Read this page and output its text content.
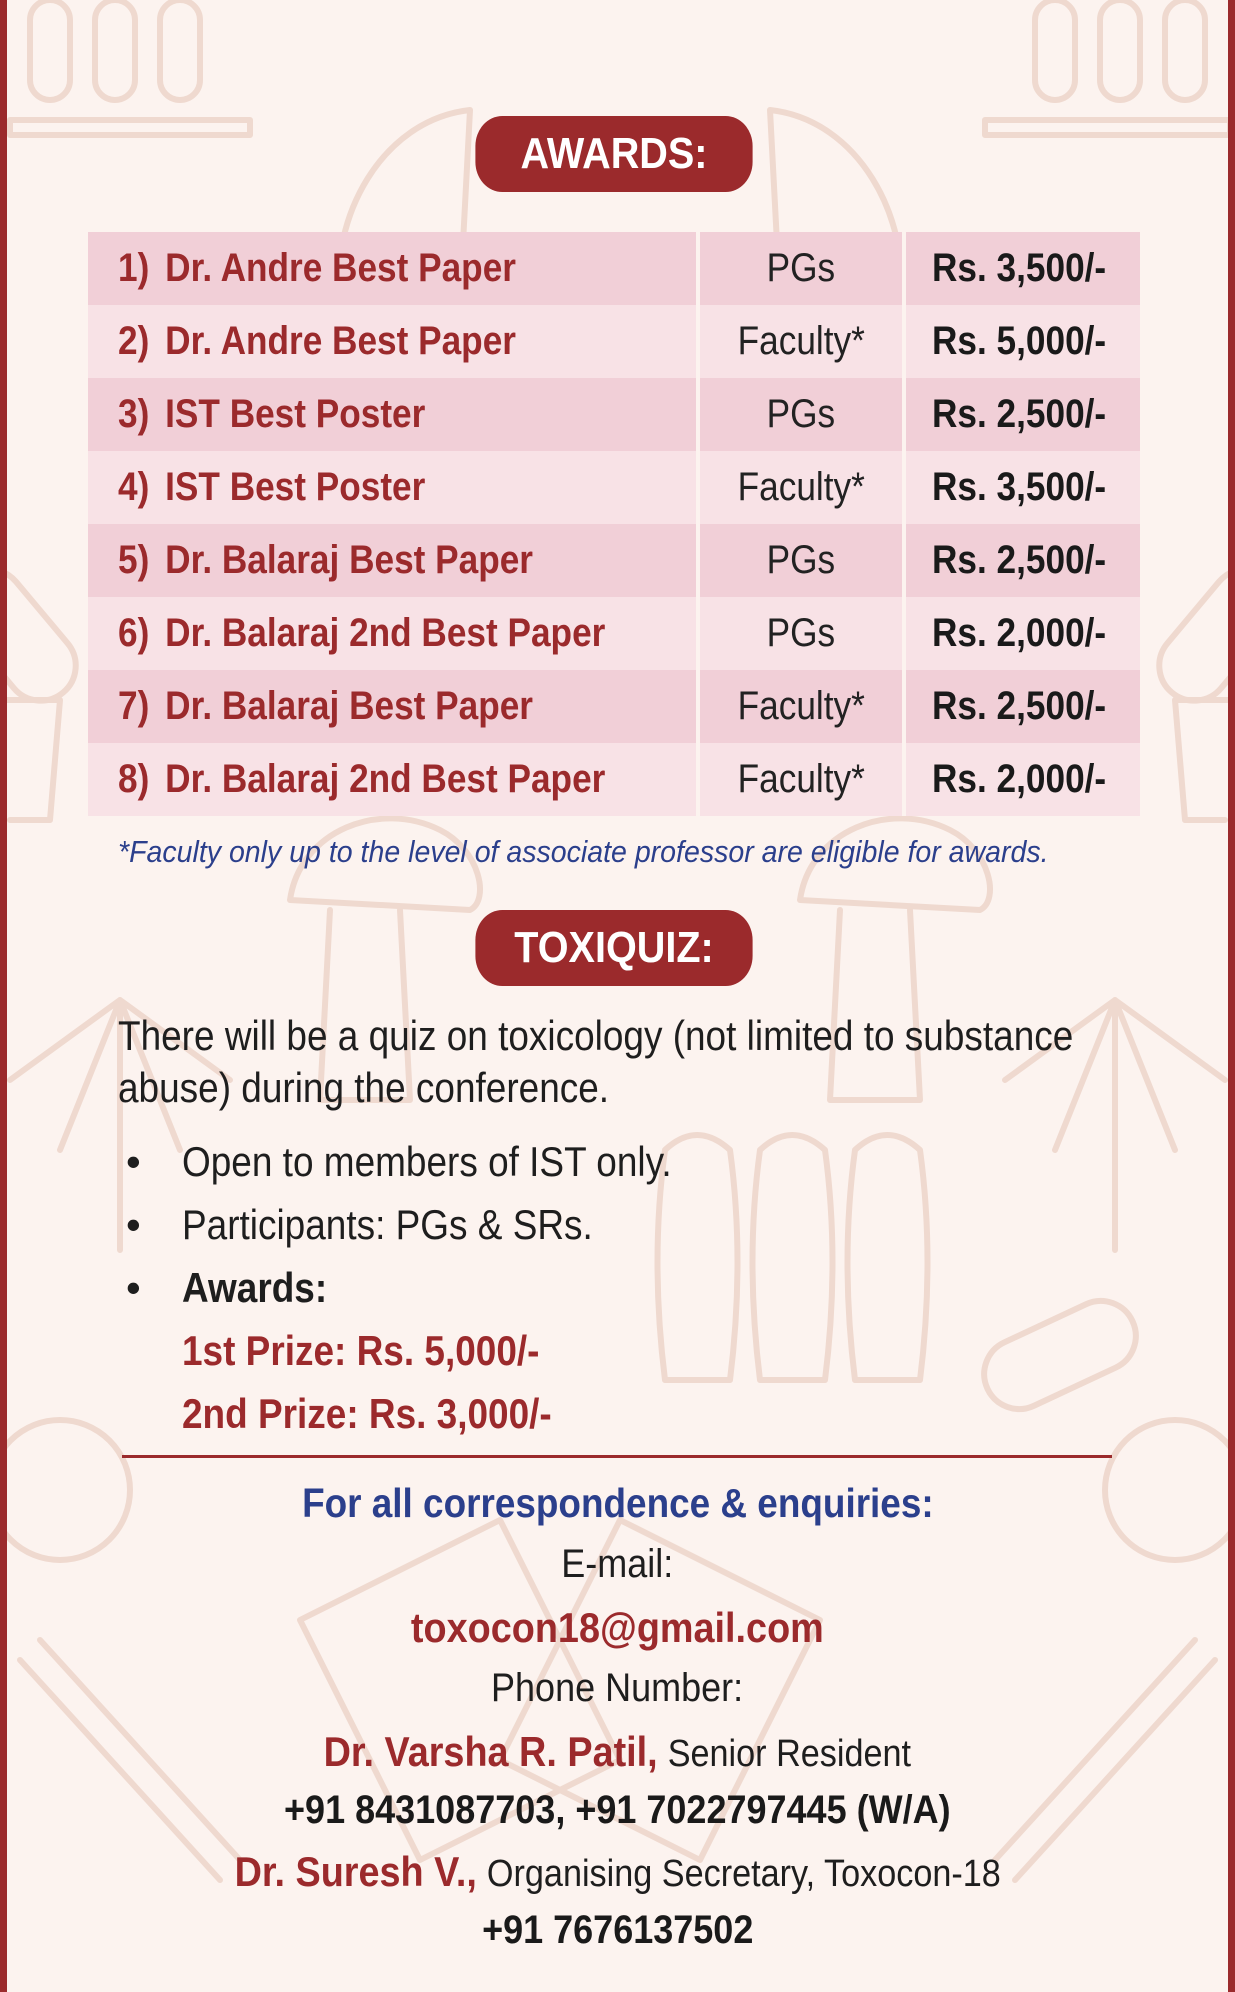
AWARDS:
1) Dr. Andre Best Paper	PGs	Rs. 3,500/-
2) Dr. Andre Best Paper	Faculty*	Rs. 5,000/-
3) IST Best Poster	PGs	Rs. 2,500/-
4) IST Best Poster	Faculty*	Rs. 3,500/-
5) Dr. Balaraj Best Paper	PGs	Rs. 2,500/-
6) Dr. Balaraj 2nd Best Paper	PGs	Rs. 2,000/-
7) Dr. Balaraj Best Paper	Faculty*	Rs. 2,500/-
8) Dr. Balaraj 2nd Best Paper	Faculty*	Rs. 2,000/-
*Faculty only up to the level of associate professor are eligible for awards.
TOXIQUIZ:
There will be a quiz on toxicology (not limited to substance abuse) during the conference.
• Open to members of IST only.
• Participants: PGs & SRs.
• Awards:
1st Prize: Rs. 5,000/-
2nd Prize: Rs. 3,000/-
For all correspondence & enquiries:
E-mail:
toxocon18@gmail.com
Phone Number:
Dr. Varsha R. Patil, Senior Resident
+91 8431087703, +91 7022797445 (W/A)
Dr. Suresh V., Organising Secretary, Toxocon-18
+91 7676137502
